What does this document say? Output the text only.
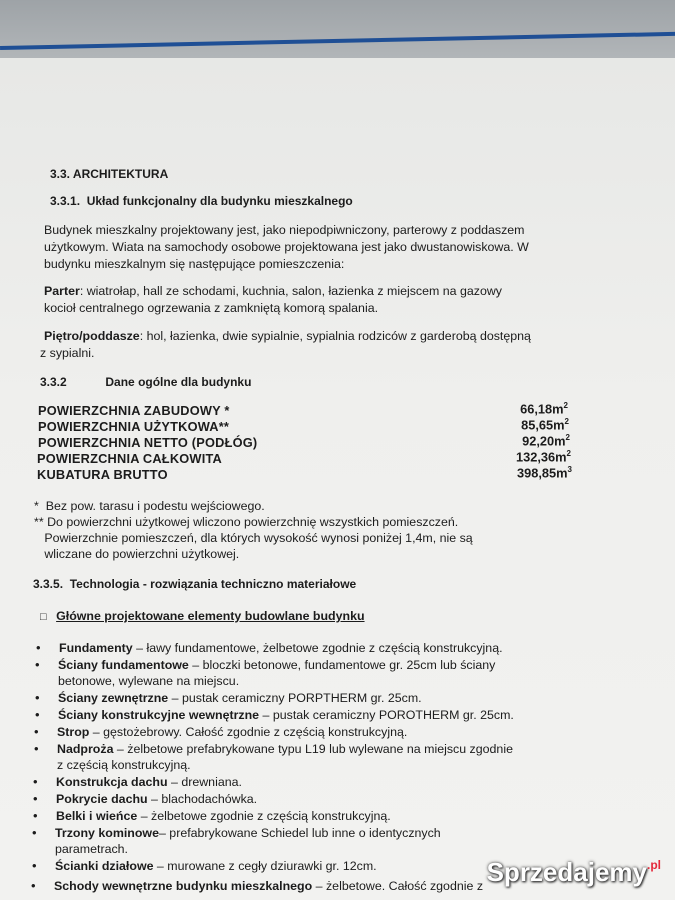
3.3. ARCHITEKTURA
3.3.1. Układ funkcjonalny dla budynku mieszkalnego
Budynek mieszkalny projektowany jest, jako niepodpiwniczony, parterowy z poddaszem
użytkowym. Wiata na samochody osobowe projektowana jest jako dwustanowiskowa. W
budynku mieszkalnym się następujące pomieszczenia:
Parter: wiatrołap, hall ze schodami, kuchnia, salon, łazienka z miejscem na gazowy
kocioł centralnego ogrzewania z zamkniętą komorą spalania.
Piętro/poddasze: hol, łazienka, dwie sypialnie, sypialnia rodziców z garderobą dostępną
z sypialni.
3.3.2	Dane ogólne dla budynku
POWIERZCHNIA ZABUDOWY *	$66,18m^2$
POWIERZCHNIA UŻYTKOWA**	$85,65m^2$
POWIERZCHNIA NETTO (PODŁÓG)	$92,20m^2$
POWIERZCHNIA CAŁKOWITA	$132,36m^2$
KUBATURA BRUTTO	$398,85m^3$
*  Bez pow. tarasu i podestu wejściowego.
** Do powierzchni użytkowej wliczono powierzchnię wszystkich pomieszczeń.
Powierzchnie pomieszczeń, dla których wysokość wynosi poniżej 1,4m, nie są
wliczane do powierzchni użytkowej.
3.3.5. Technologia - rozwiązania techniczno materiałowe
□ Główne projektowane elementy budowlane budynku
• Fundamenty – ławy fundamentowe, żelbetowe zgodnie z częścią konstrukcyjną.
• Ściany fundamentowe – bloczki betonowe, fundamentowe gr. 25cm lub ściany
betonowe, wylewane na miejscu.
• Ściany zewnętrzne – pustak ceramiczny PORPTHERM gr. 25cm.
• Ściany konstrukcyjne wewnętrzne – pustak ceramiczny POROTHERM gr. 25cm.
• Strop – gęstożebrowy. Całość zgodnie z częścią konstrukcyjną.
• Nadproża – żelbetowe prefabrykowane typu L19 lub wylewane na miejscu zgodnie
z częścią konstrukcyjną.
• Konstrukcja dachu – drewniana.
• Pokrycie dachu – blachodachówka.
• Belki i wieńce – żelbetowe zgodnie z częścią konstrukcyjną.
• Trzony kominowe– prefabrykowane Schiedel lub inne o identycznych
parametrach.
• Ścianki działowe – murowane z cegły dziurawki gr. 12cm.
• Schody wewnętrzne budynku mieszkalnego – żelbetowe. Całość zgodnie z Sprzedajemy$^{.pl}$
